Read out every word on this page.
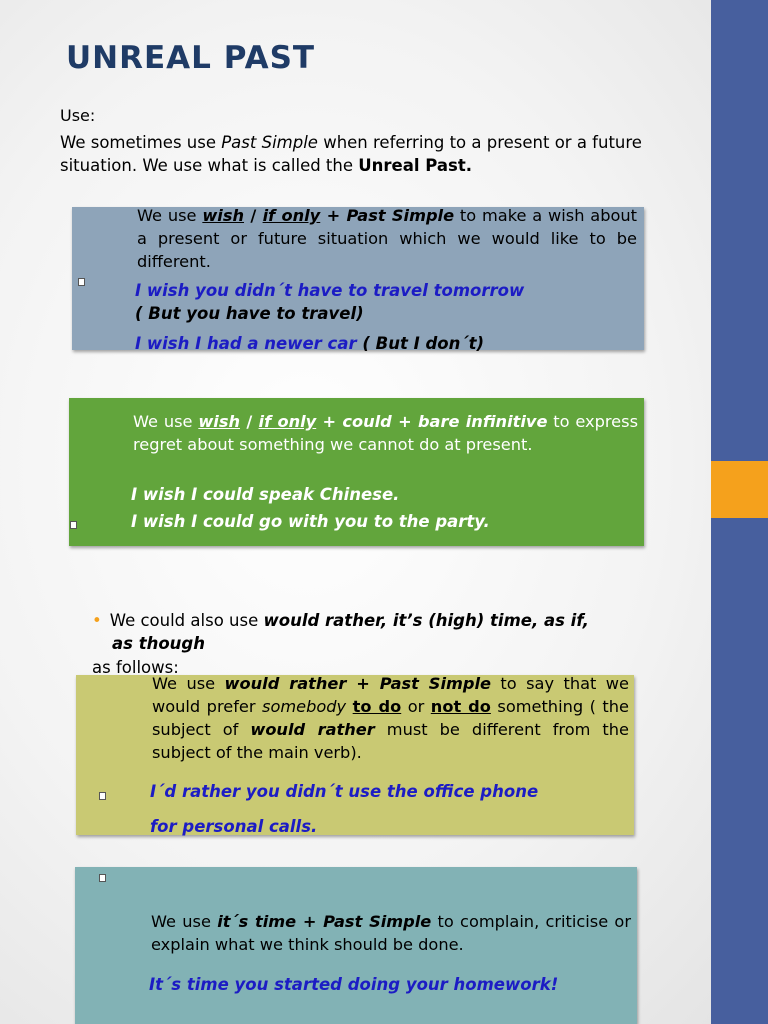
UNREAL PAST
Use:
We sometimes use Past Simple when referring to a present or a future situation. We use what is called the Unreal Past.
We use wish / if only + Past Simple to make a wish about a present or future situation which we would like to be different.
I wish you didn´t have to travel tomorrow
( But you have to travel)
I wish I had a newer car ( But I don´t)
We use wish / if only + could + bare infinitive to express regret about something we cannot do at present.
I wish I could speak Chinese.
I wish I could go with you to the party.
• We could also use would rather, it’s (high) time, as if,
as though
as follows:
We use would rather + Past Simple to say that we would prefer somebody to do or not do something ( the subject of would rather must be different from the subject of the main verb).
I´d rather you didn´t use the office phone
for personal calls.
We use it´s time + Past Simple to complain, criticise or explain what we think should be done.
It´s time you started doing your homework!
